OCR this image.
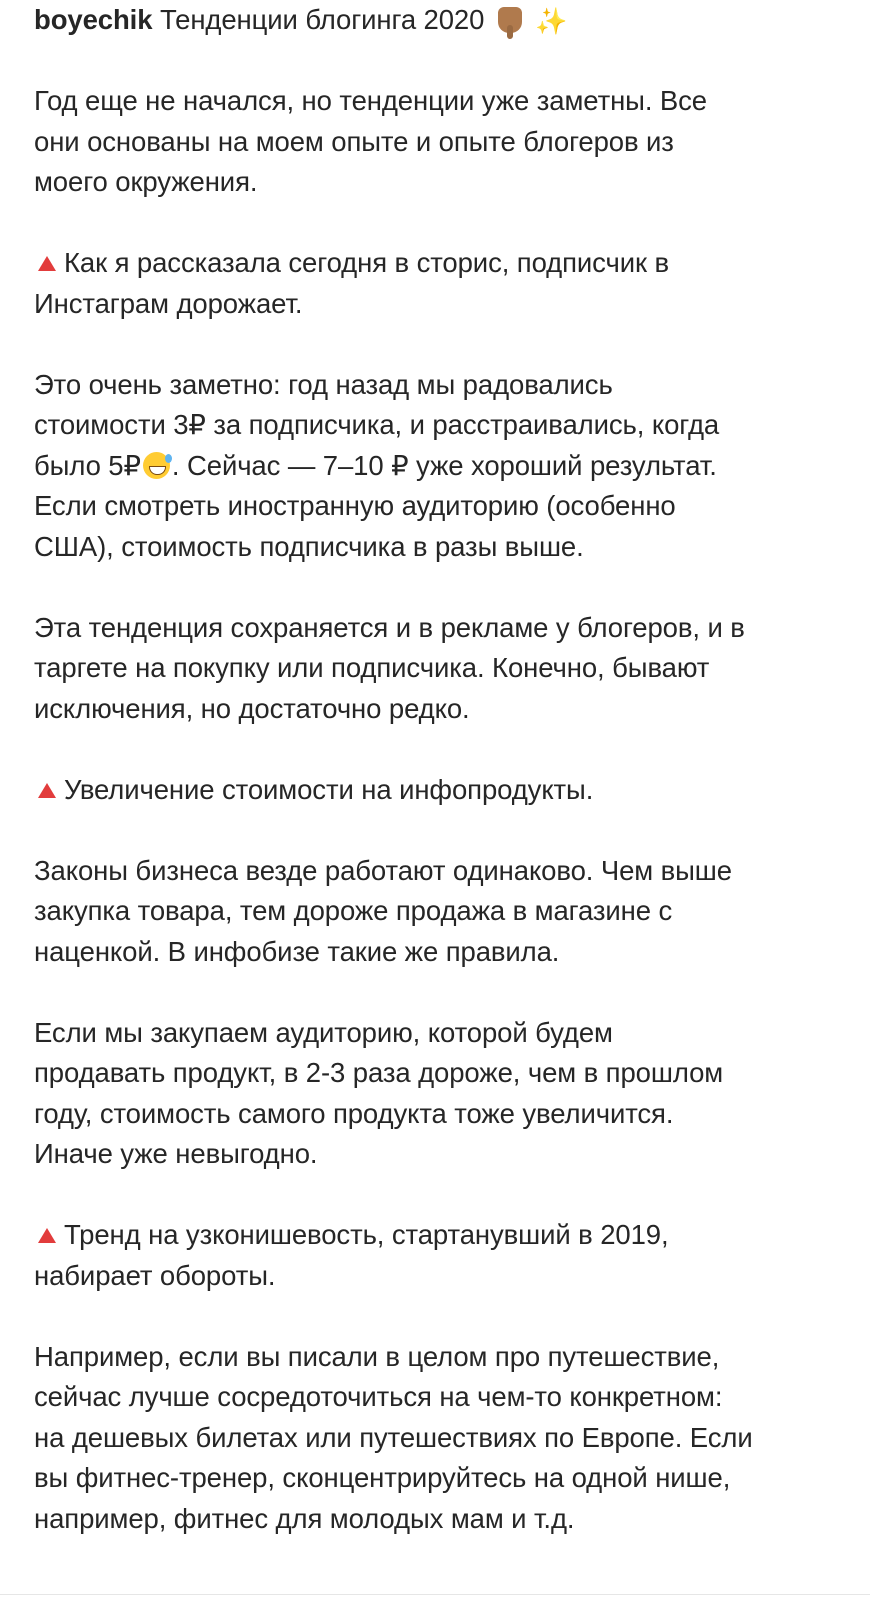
boyechik Тенденции блогинга 2020 ✨
Год еще не начался, но тенденции уже заметны. Все
они основаны на моем опыте и опыте блогеров из
моего окружения.
Как я рассказала сегодня в сторис, подписчик в
Инстаграм дорожает.
Это очень заметно: год назад мы радовались
стоимости 3₽ за подписчика, и расстраивались, когда
было 5₽ . Сейчас — 7–10 ₽ уже хороший результат.
Если смотреть иностранную аудиторию (особенно
США), стоимость подписчика в разы выше.
Эта тенденция сохраняется и в рекламе у блогеров, и в
таргете на покупку или подписчика. Конечно, бывают
исключения, но достаточно редко.
Увеличение стоимости на инфопродукты.
Законы бизнеса везде работают одинаково. Чем выше
закупка товара, тем дороже продажа в магазине с
наценкой. В инфобизе такие же правила.
Если мы закупаем аудиторию, которой будем
продавать продукт, в 2-3 раза дороже, чем в прошлом
году, стоимость самого продукта тоже увеличится.
Иначе уже невыгодно.
Тренд на узконишевость, стартанувший в 2019,
набирает обороты.
Например, если вы писали в целом про путешествие,
сейчас лучше сосредоточиться на чем-то конкретном:
на дешевых билетах или путешествиях по Европе. Если
вы фитнес-тренер, сконцентрируйтесь на одной нише,
например, фитнес для молодых мам и т.д.
